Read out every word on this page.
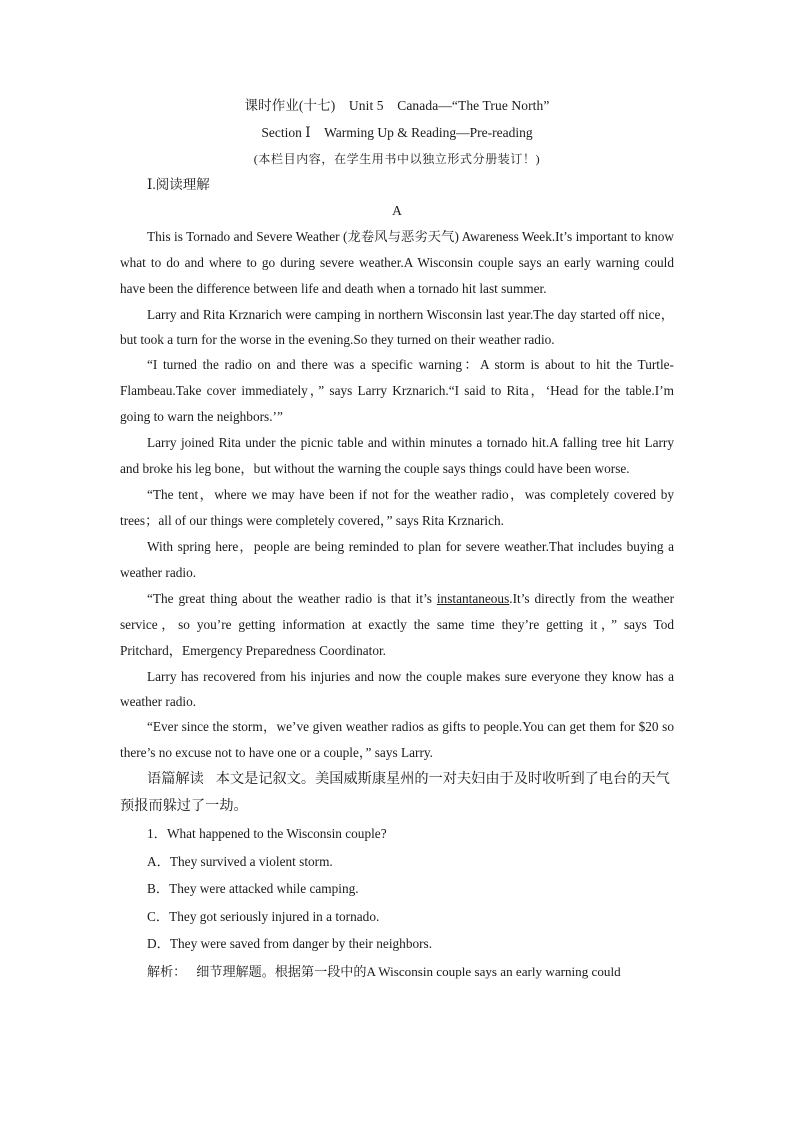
课时作业(十七)　Unit 5　Canada—“The True North”
Section Ⅰ　Warming Up & Reading—Pre-reading
(本栏目内容，在学生用书中以独立形式分册装订！)
Ⅰ.阅读理解
A

This is Tornado and Severe Weather (龙卷风与恶劣天气) Awareness Week.It’s important to know what to do and where to go during severe weather.A Wisconsin couple says an early warning could have been the difference between life and death when a tornado hit last summer.

Larry and Rita Krznarich were camping in northern Wisconsin last year.The day started off nice，but took a turn for the worse in the evening.So they turned on their weather radio.

“I turned the radio on and there was a specific warning：A storm is about to hit the Turtle-Flambeau.Take cover immediately，” says Larry Krznarich.“I said to Rita，‘Head for the table.I’m going to warn the neighbors.’”

Larry joined Rita under the picnic table and within minutes a tornado hit.A falling tree hit Larry and broke his leg bone，but without the warning the couple says things could have been worse.

“The tent，where we may have been if not for the weather radio，was completely covered by trees；all of our things were completely covered，” says Rita Krznarich.

With spring here，people are being reminded to plan for severe weather.That includes buying a weather radio.

“The great thing about the weather radio is that it’s instantaneous.It’s directly from the weather service，so you’re getting information at exactly the same time they’re getting it，” says Tod Pritchard，Emergency Preparedness Coordinator.

Larry has recovered from his injuries and now the couple makes sure everyone they know has a weather radio.

“Ever since the storm，we’ve given weather radios as gifts to people.You can get them for $20 so there’s no excuse not to have one or a couple，” says Larry.

语篇解读 本文是记叙文。美国威斯康星州的一对夫妇由于及时收听到了电台的天气预报而躲过了一劫。

1．What happened to the Wisconsin couple?
A．They survived a violent storm.
B．They were attacked while camping.
C．They got seriously injured in a tornado.
D．They were saved from danger by their neighbors.
解析： 细节理解题。根据第一段中的A Wisconsin couple says an early warning could
